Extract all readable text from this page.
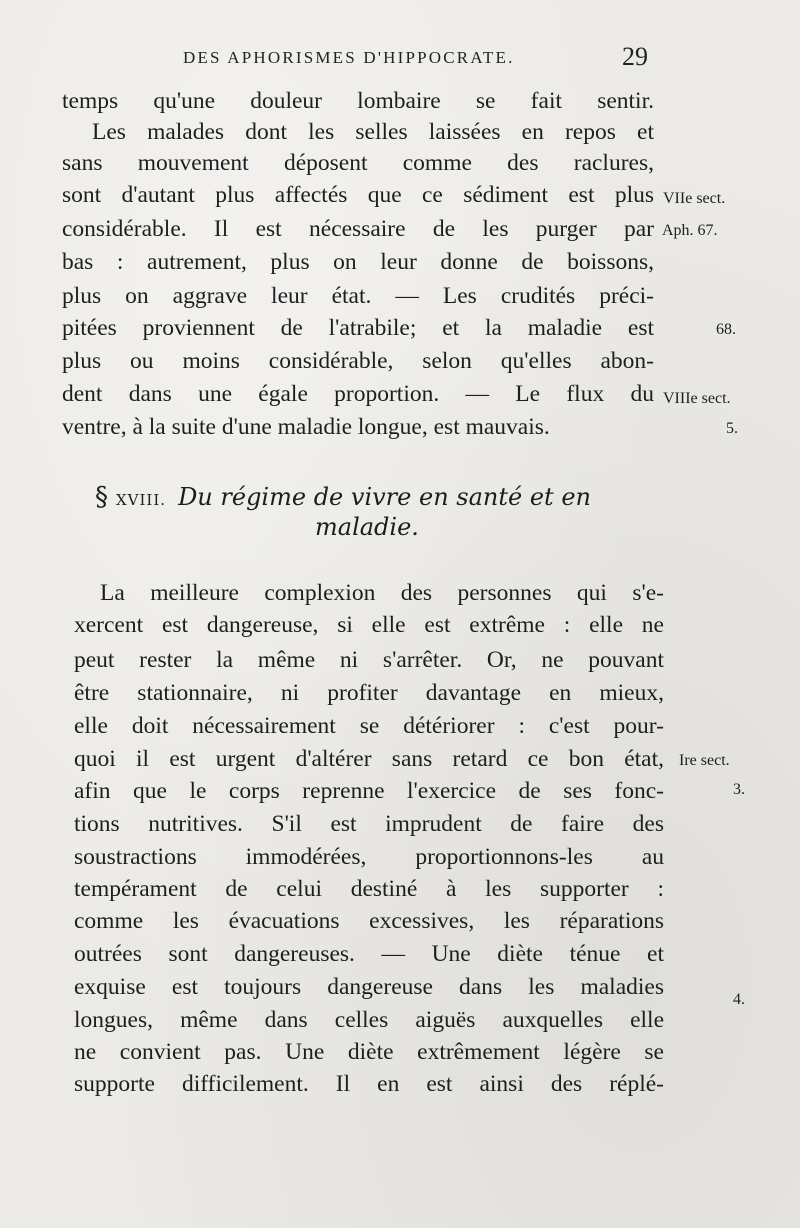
DES APHORISMES D'HIPPOCRATE.	29
temps qu'une douleur lombaire se fait sentir.
Les malades dont les selles laissées en repos et
sans mouvement déposent comme des raclures,
sont d'autant plus affectés que ce sédiment est plus
considérable. Il est nécessaire de les purger par
bas : autrement, plus on leur donne de boissons,
plus on aggrave leur état. — Les crudités préci-
pitées proviennent de l'atrabile; et la maladie est
plus ou moins considérable, selon qu'elles abon-
dent dans une égale proportion. — Le flux du
ventre, à la suite d'une maladie longue, est mauvais.
VIIe sect.
Aph. 67.
68.
VIIIe sect.
5.
§ XVIII. Du régime de vivre en santé et en
maladie.
La meilleure complexion des personnes qui s'e-
xercent est dangereuse, si elle est extrême : elle ne
peut rester la même ni s'arrêter. Or, ne pouvant
être stationnaire, ni profiter davantage en mieux,
elle doit nécessairement se détériorer : c'est pour-
quoi il est urgent d'altérer sans retard ce bon état,
afin que le corps reprenne l'exercice de ses fonc-
tions nutritives. S'il est imprudent de faire des
soustractions immodérées, proportionnons-les au
tempérament de celui destiné à les supporter :
comme les évacuations excessives, les réparations
outrées sont dangereuses. — Une diète ténue et
exquise est toujours dangereuse dans les maladies
longues, même dans celles aiguës auxquelles elle
ne convient pas. Une diète extrêmement légère se
supporte difficilement. Il en est ainsi des réplé-
Ire sect.
3.
4.
